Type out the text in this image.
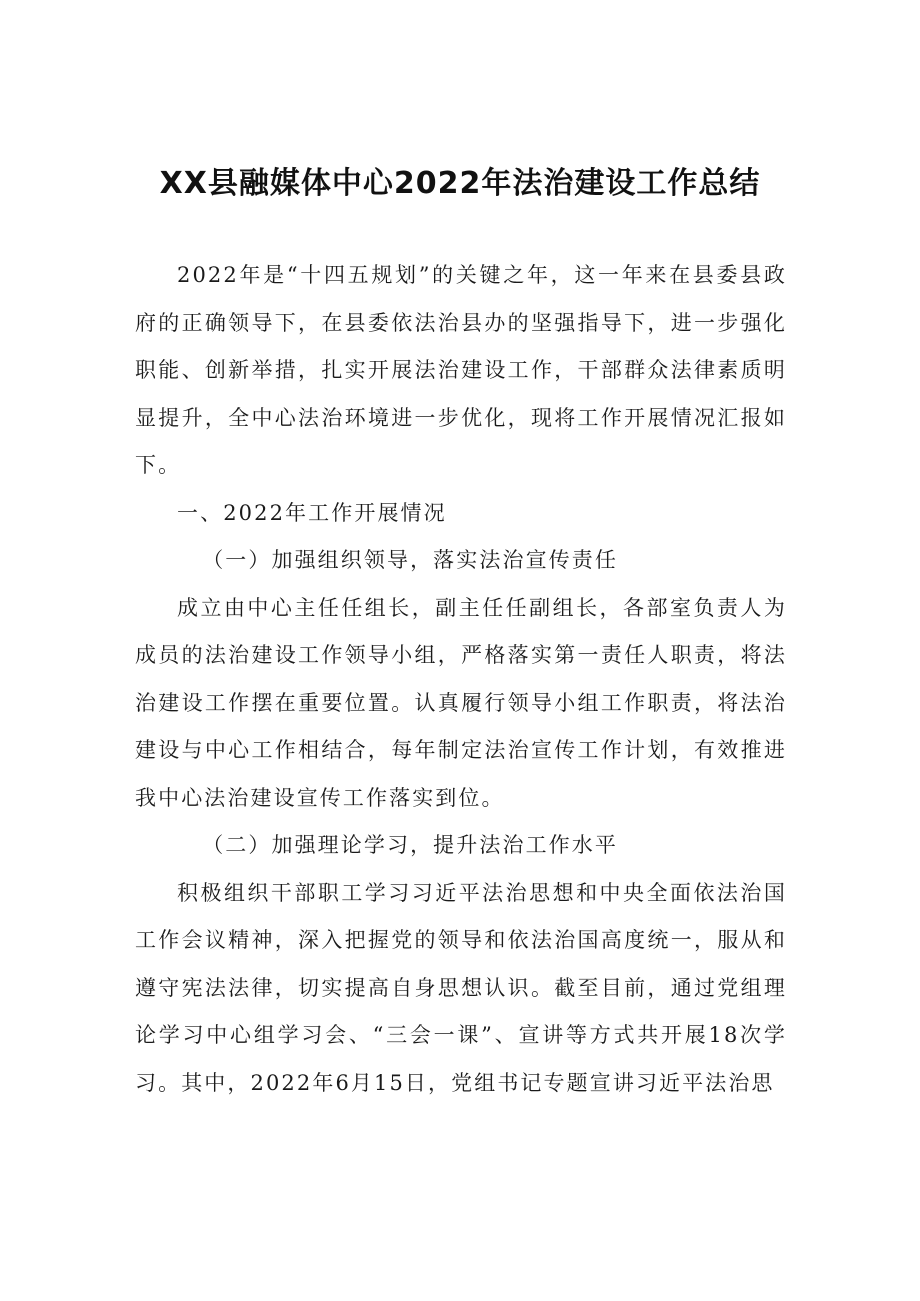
XX县融媒体中心2022年法治建设工作总结

2022年是“十四五规划”的关键之年，这一年来在县委县政府的正确领导下，在县委依法治县办的坚强指导下，进一步强化职能、创新举措，扎实开展法治建设工作，干部群众法律素质明显提升，全中心法治环境进一步优化，现将工作开展情况汇报如下。

一、2022年工作开展情况

（一）加强组织领导，落实法治宣传责任

成立由中心主任任组长，副主任任副组长，各部室负责人为成员的法治建设工作领导小组，严格落实第一责任人职责，将法治建设工作摆在重要位置。认真履行领导小组工作职责，将法治建设与中心工作相结合，每年制定法治宣传工作计划，有效推进我中心法治建设宣传工作落实到位。

（二）加强理论学习，提升法治工作水平

积极组织干部职工学习习近平法治思想和中央全面依法治国工作会议精神，深入把握党的领导和依法治国高度统一，服从和遵守宪法法律，切实提高自身思想认识。截至目前，通过党组理论学习中心组学习会、“三会一课”、宣讲等方式共开展18次学习。其中，2022年6月15日，党组书记专题宣讲习近平法治思
